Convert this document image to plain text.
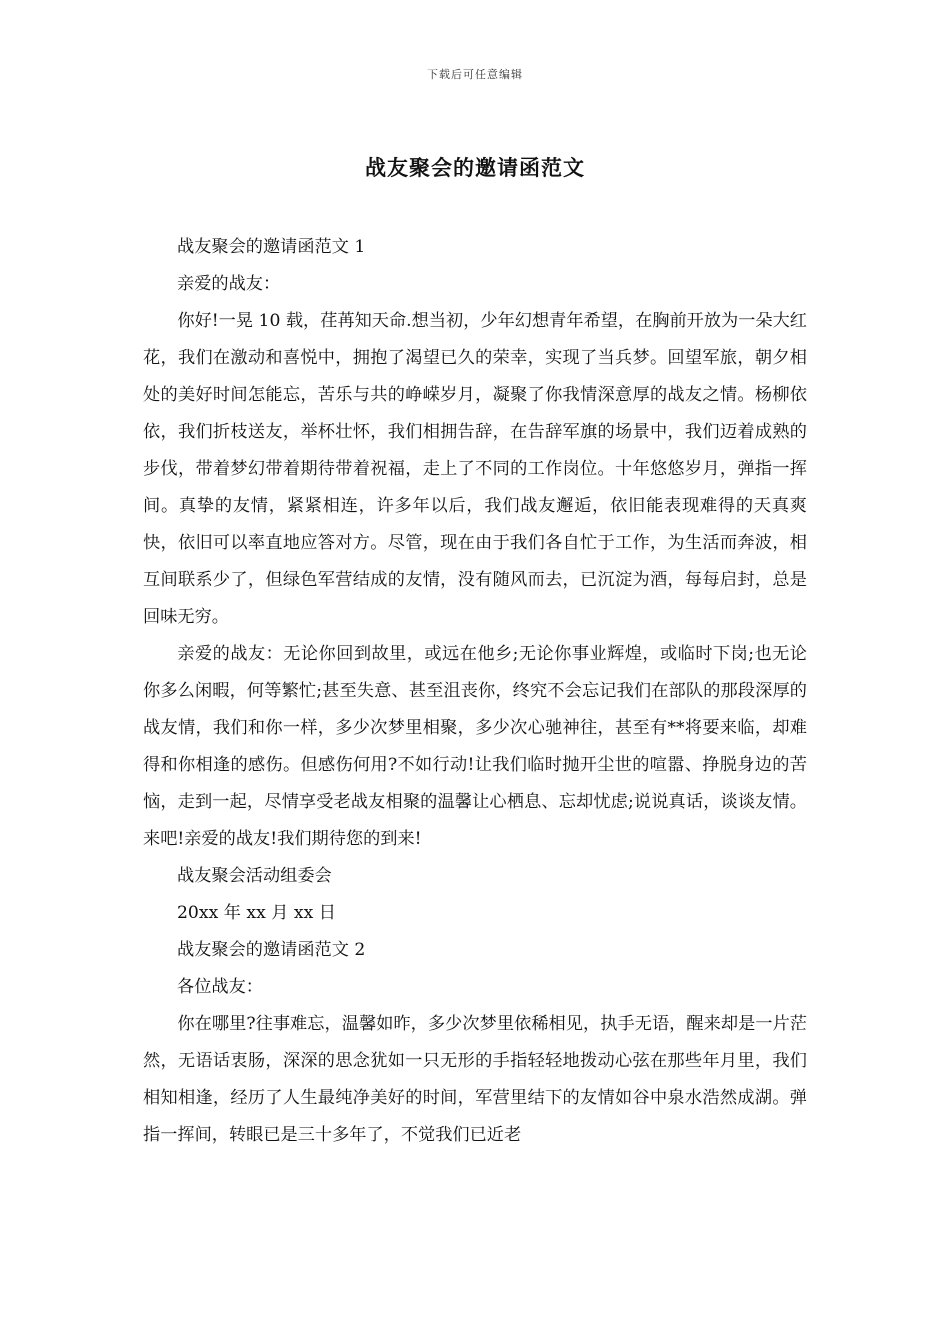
下载后可任意编辑
战友聚会的邀请函范文

战友聚会的邀请函范文 1

亲爱的战友：

你好!一晃 10 载，荏苒知天命.想当初，少年幻想青年希望，在胸前开放为一朵大红花，我们在激动和喜悦中，拥抱了渴望已久的荣幸，实现了当兵梦。回望军旅，朝夕相处的美好时间怎能忘，苦乐与共的峥嵘岁月，凝聚了你我情深意厚的战友之情。杨柳依依，我们折枝送友，举杯壮怀，我们相拥告辞，在告辞军旗的场景中，我们迈着成熟的步伐，带着梦幻带着期待带着祝福，走上了不同的工作岗位。十年悠悠岁月，弹指一挥间。真挚的友情，紧紧相连，许多年以后，我们战友邂逅，依旧能表现难得的天真爽快，依旧可以率直地应答对方。尽管，现在由于我们各自忙于工作，为生活而奔波，相互间联系少了，但绿色军营结成的友情，没有随风而去，已沉淀为酒，每每启封，总是回味无穷。

亲爱的战友：无论你回到故里，或远在他乡;无论你事业辉煌，或临时下岗;也无论你多么闲暇，何等繁忙;甚至失意、甚至沮丧你，终究不会忘记我们在部队的那段深厚的战友情，我们和你一样，多少次梦里相聚，多少次心驰神往，甚至有**将要来临，却难得和你相逢的感伤。但感伤何用?不如行动!让我们临时抛开尘世的喧嚣、挣脱身边的苦恼，走到一起，尽情享受老战友相聚的温馨让心栖息、忘却忧虑;说说真话，谈谈友情。来吧!亲爱的战友!我们期待您的到来!

战友聚会活动组委会

20xx 年 xx 月 xx 日

战友聚会的邀请函范文 2

各位战友：

你在哪里?往事难忘，温馨如昨，多少次梦里依稀相见，执手无语，醒来却是一片茫然，无语话衷肠，深深的思念犹如一只无形的手指轻轻地拨动心弦在那些年月里，我们相知相逢，经历了人生最纯净美好的时间，军营里结下的友情如谷中泉水浩然成湖。弹指一挥间，转眼已是三十多年了，不觉我们已近老
